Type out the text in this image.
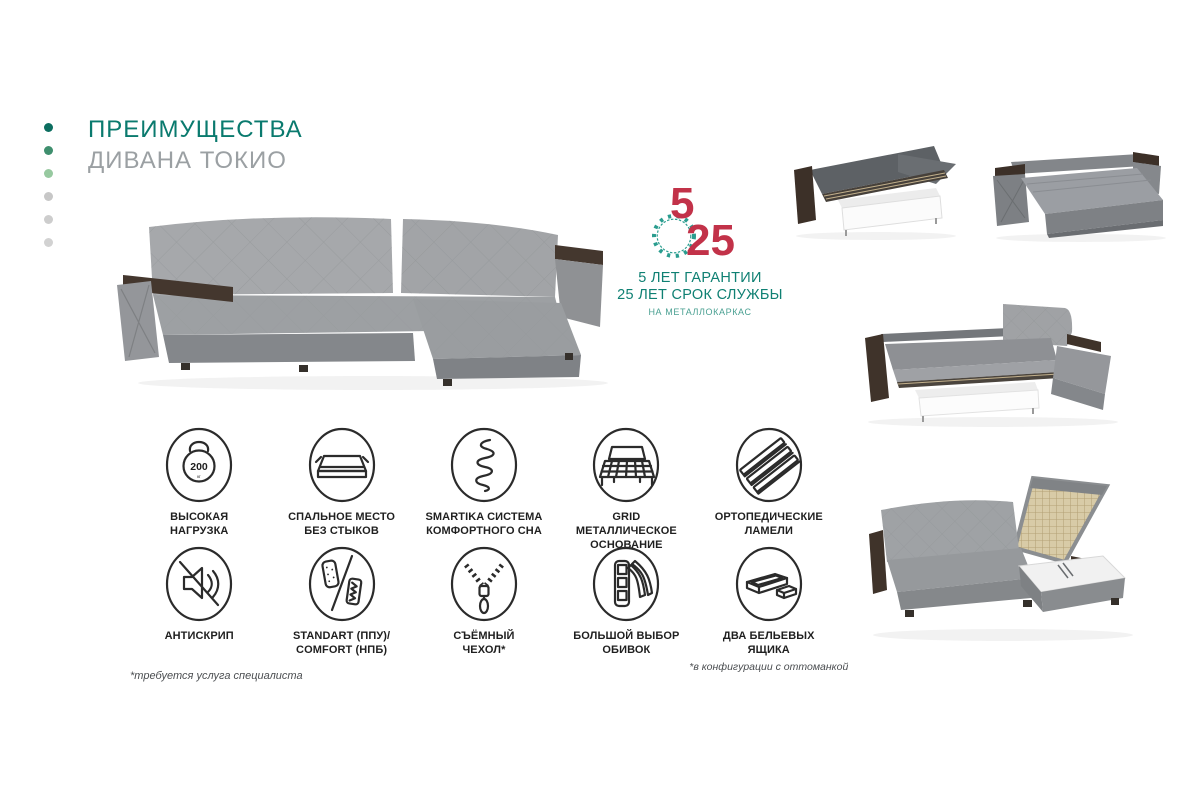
ПРЕИМУЩЕСТВА
ДИВАНА ТОКИО
5
25
5 ЛЕТ ГАРАНТИИ
25 ЛЕТ СРОК СЛУЖБЫ
НА МЕТАЛЛОКАРКАС
200
кг
ВЫСОКАЯ
НАГРУЗКА
СПАЛЬНОЕ МЕСТО
БЕЗ СТЫКОВ
SMARTIKA СИСТЕМА
КОМФОРТНОГО СНА
GRID
МЕТАЛЛИЧЕСКОЕ
ОСНОВАНИЕ
ОРТОПЕДИЧЕСКИЕ
ЛАМЕЛИ
АНТИСКРИП	STANDART (ППУ)/
COMFORT (НПБ)
СЪЁМНЫЙ
ЧЕХОЛ*
БОЛЬШОЙ ВЫБОР
ОБИВОК
ДВА БЕЛЬЕВЫХ
ЯЩИКА
*в конфигурации с оттоманкой
*требуется услуга специалиста
